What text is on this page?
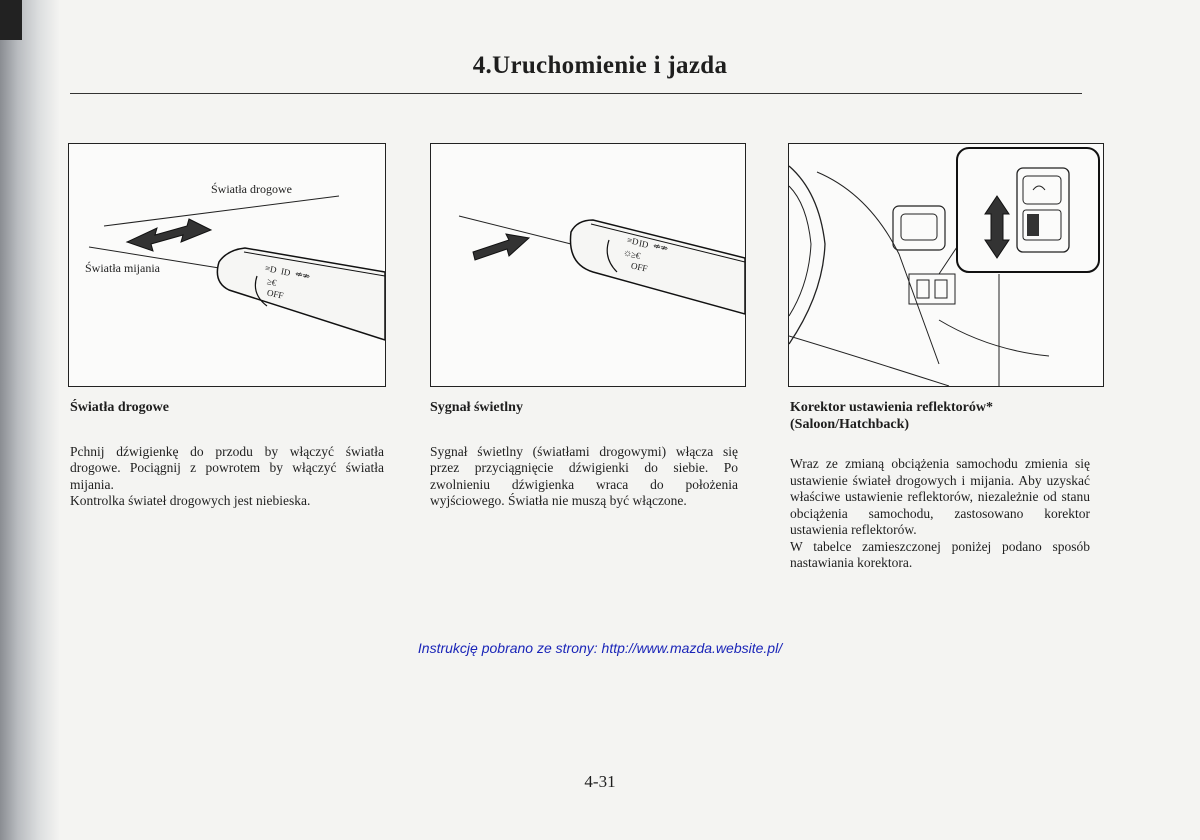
4.Uruchomienie i jazda
Światła drogowe
Światła mijania	≡D ID ⇍⇏
≥€
OFF
☼
≡D
ID ⇍⇏
≥€
OFF
Światła drogowe

Pchnij dźwigienkę do przodu by włączyć światła drogowe. Pociągnij z powrotem by włączyć światła mijania.

Kontrolka świateł drogowych jest niebieska.

Sygnał świetlny

Sygnał świetlny (światłami drogowymi) włącza się przez przyciągnięcie dźwigienki do siebie. Po zwolnieniu dźwigienka wraca do położenia wyjściowego. Światła nie muszą być włączone.

Korektor ustawienia reflektorów* (Saloon/Hatchback)

Wraz ze zmianą obciążenia samochodu zmienia się ustawienie świateł drogowych i mijania. Aby uzyskać właściwe ustawienie reflektorów, niezależnie od stanu obciążenia samochodu, zastosowano korektor ustawienia reflektorów.

W tabelce zamieszczonej poniżej podano sposób nastawiania korektora.

Instrukcję pobrano ze strony: http://www.mazda.website.pl/
4-31
